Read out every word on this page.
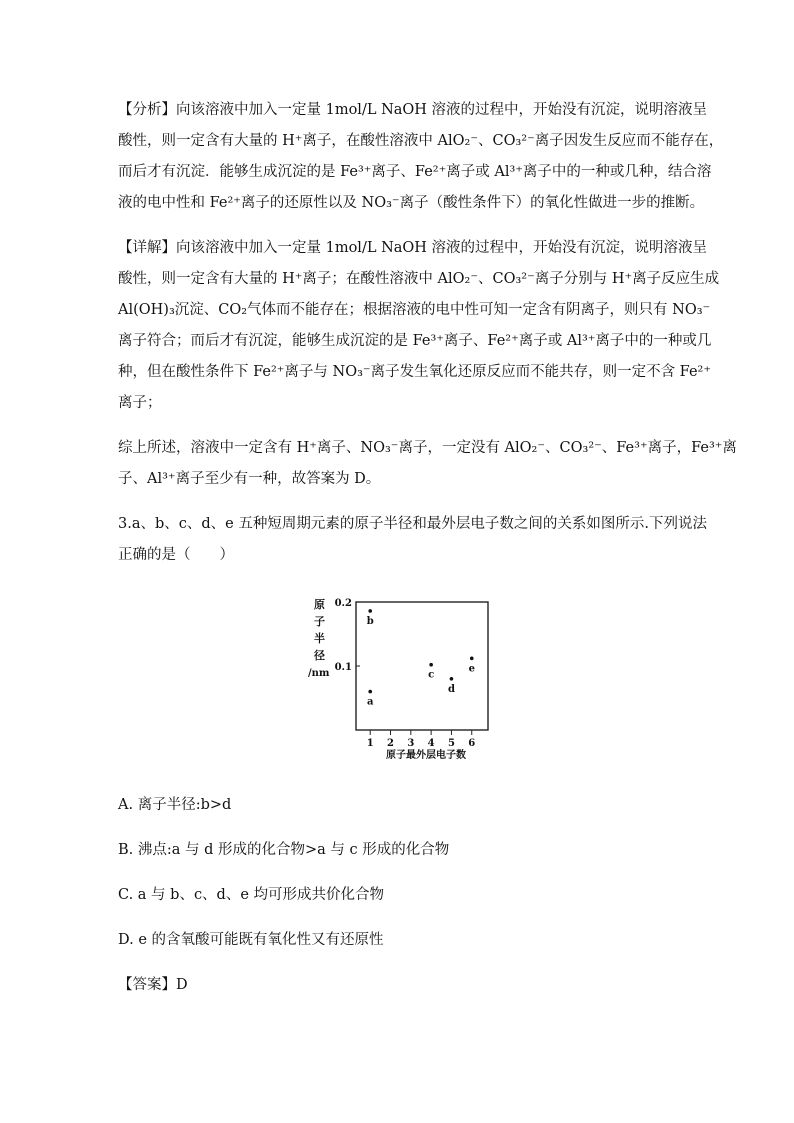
【分析】向该溶液中加入一定量 1mol/L NaOH 溶液的过程中，开始没有沉淀，说明溶液呈
酸性，则一定含有大量的 H⁺离子，在酸性溶液中 AlO₂⁻、CO₃²⁻离子因发生反应而不能存在，
而后才有沉淀．能够生成沉淀的是 Fe³⁺离子、Fe²⁺离子或 Al³⁺离子中的一种或几种，结合溶
液的电中性和 Fe²⁺离子的还原性以及 NO₃⁻离子（酸性条件下）的氧化性做进一步的推断。

【详解】向该溶液中加入一定量 1mol/L NaOH 溶液的过程中，开始没有沉淀，说明溶液呈
酸性，则一定含有大量的 H⁺离子；在酸性溶液中 AlO₂⁻、CO₃²⁻离子分别与 H⁺离子反应生成
Al(OH)₃沉淀、CO₂气体而不能存在；根据溶液的电中性可知一定含有阴离子，则只有 NO₃⁻
离子符合；而后才有沉淀，能够生成沉淀的是 Fe³⁺离子、Fe²⁺离子或 Al³⁺离子中的一种或几
种，但在酸性条件下 Fe²⁺离子与 NO₃⁻离子发生氧化还原反应而不能共存，则一定不含 Fe²⁺
离子；

综上所述，溶液中一定含有 H⁺离子、NO₃⁻离子，一定没有 AlO₂⁻、CO₃²⁻、Fe³⁺离子，Fe³⁺离
子、Al³⁺离子至少有一种，故答案为 D。

3.a、b、c、d、e 五种短周期元素的原子半径和最外层电子数之间的关系如图所示.下列说法
正确的是（　　）

0.1
0.2
1 2 3 4 5 6
原
子
半
径
/nm
原子最外层电子数
a
b
c
d
e
A. 离子半径:b>d
B. 沸点:a 与 d 形成的化合物>a 与 c 形成的化合物
C. a 与 b、c、d、e 均可形成共价化合物
D. e 的含氧酸可能既有氧化性又有还原性
【答案】D
